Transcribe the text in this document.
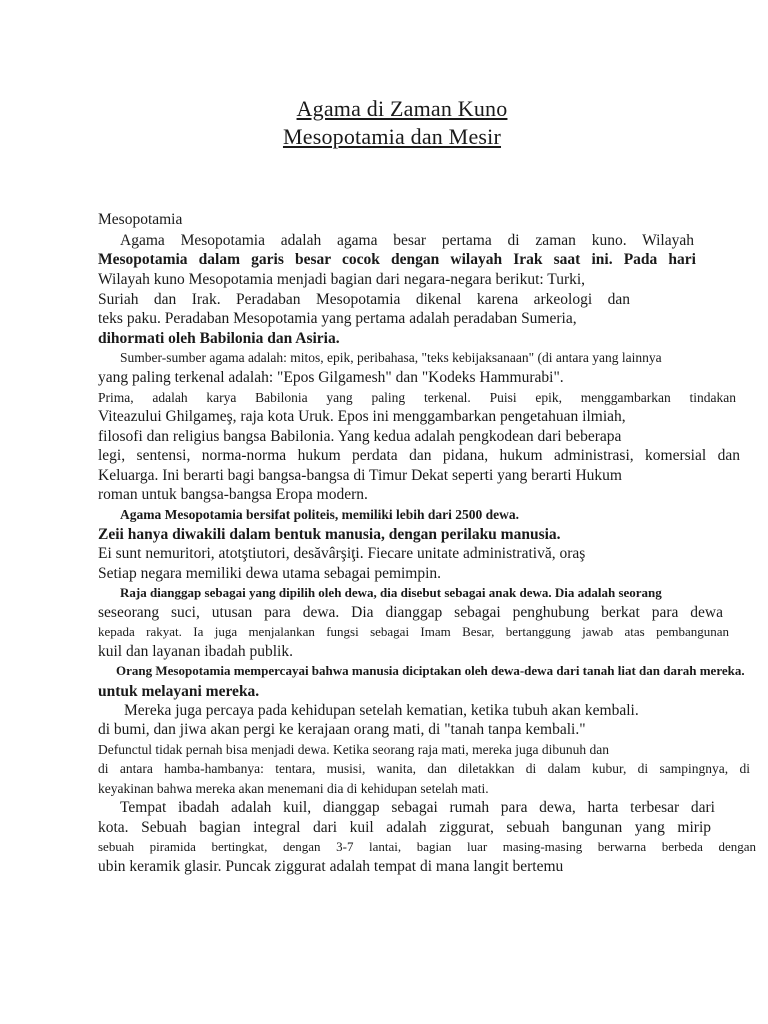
Agama di Zaman Kuno
Mesopotamia dan Mesir
Mesopotamia
Agama Mesopotamia adalah agama besar pertama di zaman kuno. Wilayah
Mesopotamia dalam garis besar cocok dengan wilayah Irak saat ini. Pada hari
Wilayah kuno Mesopotamia menjadi bagian dari negara-negara berikut: Turki,
Suriah dan Irak. Peradaban Mesopotamia dikenal karena arkeologi dan
teks paku. Peradaban Mesopotamia yang pertama adalah peradaban Sumeria,
dihormati oleh Babilonia dan Asiria.
Sumber-sumber agama adalah: mitos, epik, peribahasa, "teks kebijaksanaan" (di antara yang lainnya
yang paling terkenal adalah: "Epos Gilgamesh" dan "Kodeks Hammurabi".
Prima, adalah karya Babilonia yang paling terkenal. Puisi epik, menggambarkan tindakan
Viteazului Ghilgameş, raja kota Uruk. Epos ini menggambarkan pengetahuan ilmiah,
filosofi dan religius bangsa Babilonia. Yang kedua adalah pengkodean dari beberapa
legi, sentensi, norma-norma hukum perdata dan pidana, hukum administrasi, komersial dan
Keluarga. Ini berarti bagi bangsa-bangsa di Timur Dekat seperti yang berarti Hukum
roman untuk bangsa-bangsa Eropa modern.
Agama Mesopotamia bersifat politeis, memiliki lebih dari 2500 dewa.
Zeii hanya diwakili dalam bentuk manusia, dengan perilaku manusia.
Ei sunt nemuritori, atotştiutori, desăvârşiţi. Fiecare unitate administrativă, oraş
Setiap negara memiliki dewa utama sebagai pemimpin.
Raja dianggap sebagai yang dipilih oleh dewa, dia disebut sebagai anak dewa. Dia adalah seorang
seseorang suci, utusan para dewa. Dia dianggap sebagai penghubung berkat para dewa
kepada rakyat. Ia juga menjalankan fungsi sebagai Imam Besar, bertanggung jawab atas pembangunan
kuil dan layanan ibadah publik.
Orang Mesopotamia mempercayai bahwa manusia diciptakan oleh dewa-dewa dari tanah liat dan darah mereka.
untuk melayani mereka.
Mereka juga percaya pada kehidupan setelah kematian, ketika tubuh akan kembali.
di bumi, dan jiwa akan pergi ke kerajaan orang mati, di "tanah tanpa kembali."
Defunctul tidak pernah bisa menjadi dewa. Ketika seorang raja mati, mereka juga dibunuh dan
di antara hamba-hambanya: tentara, musisi, wanita, dan diletakkan di dalam kubur, di sampingnya, di
keyakinan bahwa mereka akan menemani dia di kehidupan setelah mati.
Tempat ibadah adalah kuil, dianggap sebagai rumah para dewa, harta terbesar dari
kota. Sebuah bagian integral dari kuil adalah ziggurat, sebuah bangunan yang mirip
sebuah piramida bertingkat, dengan 3-7 lantai, bagian luar masing-masing berwarna berbeda dengan
ubin keramik glasir. Puncak ziggurat adalah tempat di mana langit bertemu
